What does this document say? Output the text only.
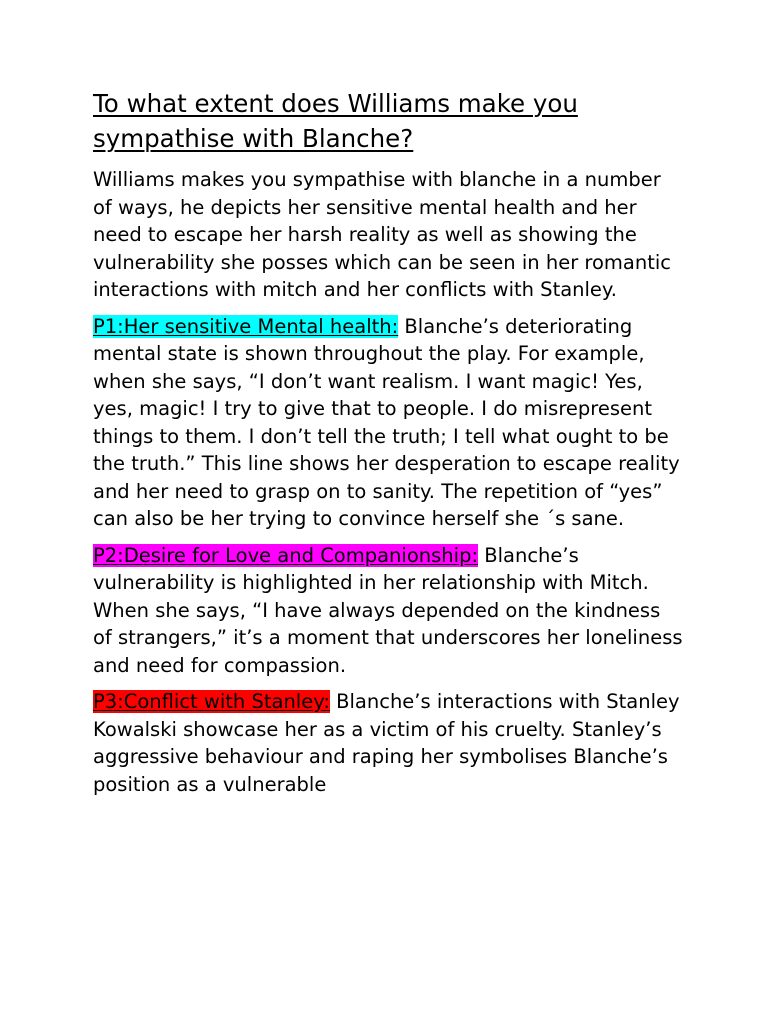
To what extent does Williams make you sympathise with Blanche?

Williams makes you sympathise with blanche in a number of ways, he depicts her sensitive mental health and her need to escape her harsh reality as well as showing the vulnerability she posses which can be seen in her romantic interactions with mitch and her conflicts with Stanley.

P1:Her sensitive Mental health: Blanche’s deteriorating mental state is shown throughout the play. For example, when she says, “I don’t want realism. I want magic! Yes, yes, magic! I try to give that to people. I do misrepresent things to them. I don’t tell the truth; I tell what ought to be the truth.” This line shows her desperation to escape reality and her need to grasp on to sanity. The repetition of “yes” can also be her trying to convince herself she ´s sane.

P2:Desire for Love and Companionship: Blanche’s vulnerability is highlighted in her relationship with Mitch. When she says, “I have always depended on the kindness of strangers,” it’s a moment that underscores her loneliness and need for compassion.

P3:Conflict with Stanley: Blanche’s interactions with Stanley Kowalski showcase her as a victim of his cruelty. Stanley’s aggressive behaviour and raping her symbolises Blanche’s position as a vulnerable
